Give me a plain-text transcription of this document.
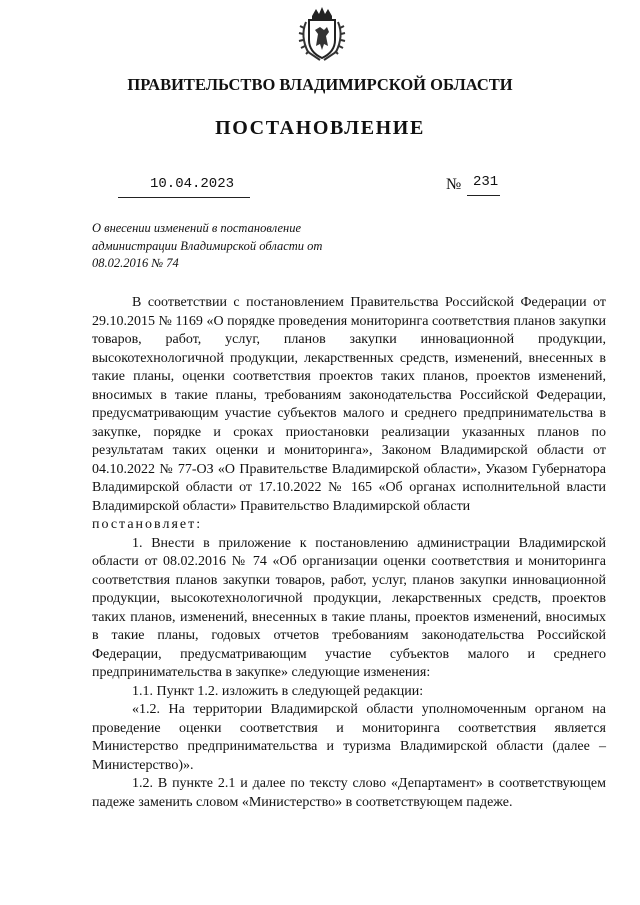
ПРАВИТЕЛЬСТВО ВЛАДИМИРСКОЙ ОБЛАСТИ
ПОСТАНОВЛЕНИЕ
10.04.2023	№ 231
О внесении изменений в постановление
администрации Владимирской области от
08.02.2016 № 74

В соответствии с постановлением Правительства Российской Федерации от 29.10.2015 № 1169 «О порядке проведения мониторинга соответствия планов закупки товаров, работ, услуг, планов закупки инновационной продукции, высокотехнологичной продукции, лекарственных средств, изменений, внесенных в такие планы, оценки соответствия проектов таких планов, проектов изменений, вносимых в такие планы, требованиям законодательства Российской Федерации, предусматривающим участие субъектов малого и среднего предпринимательства в закупке, порядке и сроках приостановки реализации указанных планов по результатам таких оценки и мониторинга», Законом Владимирской области от 04.10.2022 № 77-ОЗ «О Правительстве Владимирской области», Указом Губернатора Владимирской области от 17.10.2022 № 165 «Об органах исполнительной власти Владимирской области» Правительство Владимирской области

постановляет:

1. Внести в приложение к постановлению администрации Владимирской области от 08.02.2016 № 74 «Об организации оценки соответствия и мониторинга соответствия планов закупки товаров, работ, услуг, планов закупки инновационной продукции, высокотехнологичной продукции, лекарственных средств, проектов таких планов, изменений, внесенных в такие планы, проектов изменений, вносимых в такие планы, годовых отчетов требованиям законодательства Российской Федерации, предусматривающим участие субъектов малого и среднего предпринимательства в закупке» следующие изменения:

1.1. Пункт 1.2. изложить в следующей редакции:

«1.2. На территории Владимирской области уполномоченным органом на проведение оценки соответствия и мониторинга соответствия является Министерство предпринимательства и туризма Владимирской области (далее – Министерство)».

1.2. В пункте 2.1 и далее по тексту слово «Департамент» в соответствующем падеже заменить словом «Министерство» в соответствующем падеже.
